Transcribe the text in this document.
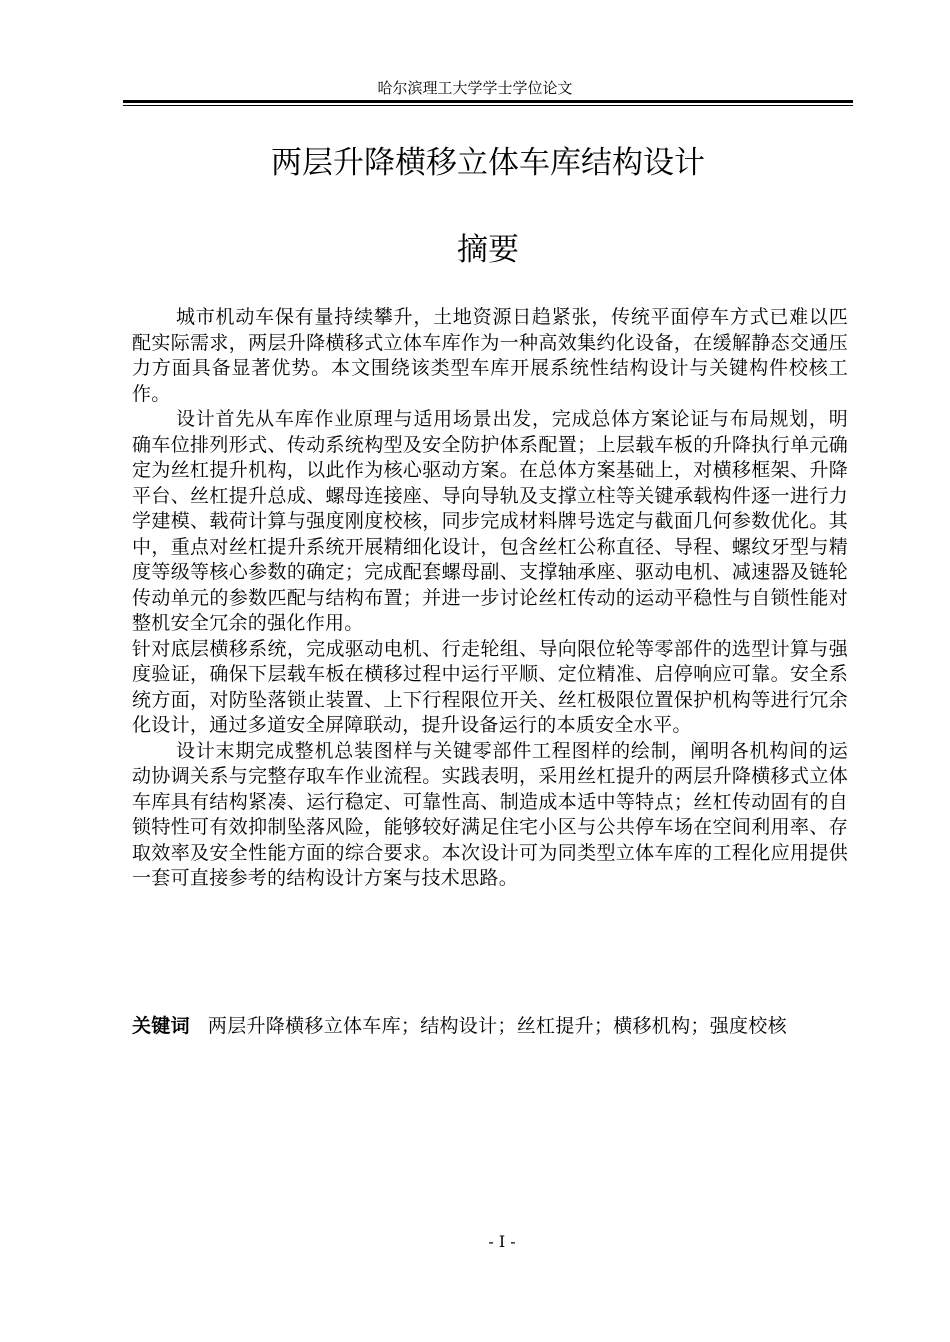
哈尔滨理工大学学士学位论文
两层升降横移立体车库结构设计
摘要

城市机动车保有量持续攀升，土地资源日趋紧张，传统平面停车方式已难以匹配实际需求，两层升降横移式立体车库作为一种高效集约化设备，在缓解静态交通压力方面具备显著优势。本文围绕该类型车库开展系统性结构设计与关键构件校核工作。

设计首先从车库作业原理与适用场景出发，完成总体方案论证与布局规划，明确车位排列形式、传动系统构型及安全防护体系配置；上层载车板的升降执行单元确定为丝杠提升机构，以此作为核心驱动方案。在总体方案基础上，对横移框架、升降平台、丝杠提升总成、螺母连接座、导向导轨及支撑立柱等关键承载构件逐一进行力学建模、载荷计算与强度刚度校核，同步完成材料牌号选定与截面几何参数优化。其中，重点对丝杠提升系统开展精细化设计，包含丝杠公称直径、导程、螺纹牙型与精度等级等核心参数的确定；完成配套螺母副、支撑轴承座、驱动电机、减速器及链轮传动单元的参数匹配与结构布置；并进一步讨论丝杠传动的运动平稳性与自锁性能对整机安全冗余的强化作用。

针对底层横移系统，完成驱动电机、行走轮组、导向限位轮等零部件的选型计算与强度验证，确保下层载车板在横移过程中运行平顺、定位精准、启停响应可靠。安全系统方面，对防坠落锁止装置、上下行程限位开关、丝杠极限位置保护机构等进行冗余化设计，通过多道安全屏障联动，提升设备运行的本质安全水平。

设计末期完成整机总装图样与关键零部件工程图样的绘制，阐明各机构间的运动协调关系与完整存取车作业流程。实践表明，采用丝杠提升的两层升降横移式立体车库具有结构紧凑、运行稳定、可靠性高、制造成本适中等特点；丝杠传动固有的自锁特性可有效抑制坠落风险，能够较好满足住宅小区与公共停车场在空间利用率、存取效率及安全性能方面的综合要求。本次设计可为同类型立体车库的工程化应用提供一套可直接参考的结构设计方案与技术思路。

关键词 两层升降横移立体车库；结构设计；丝杠提升；横移机构；强度校核

- I -
